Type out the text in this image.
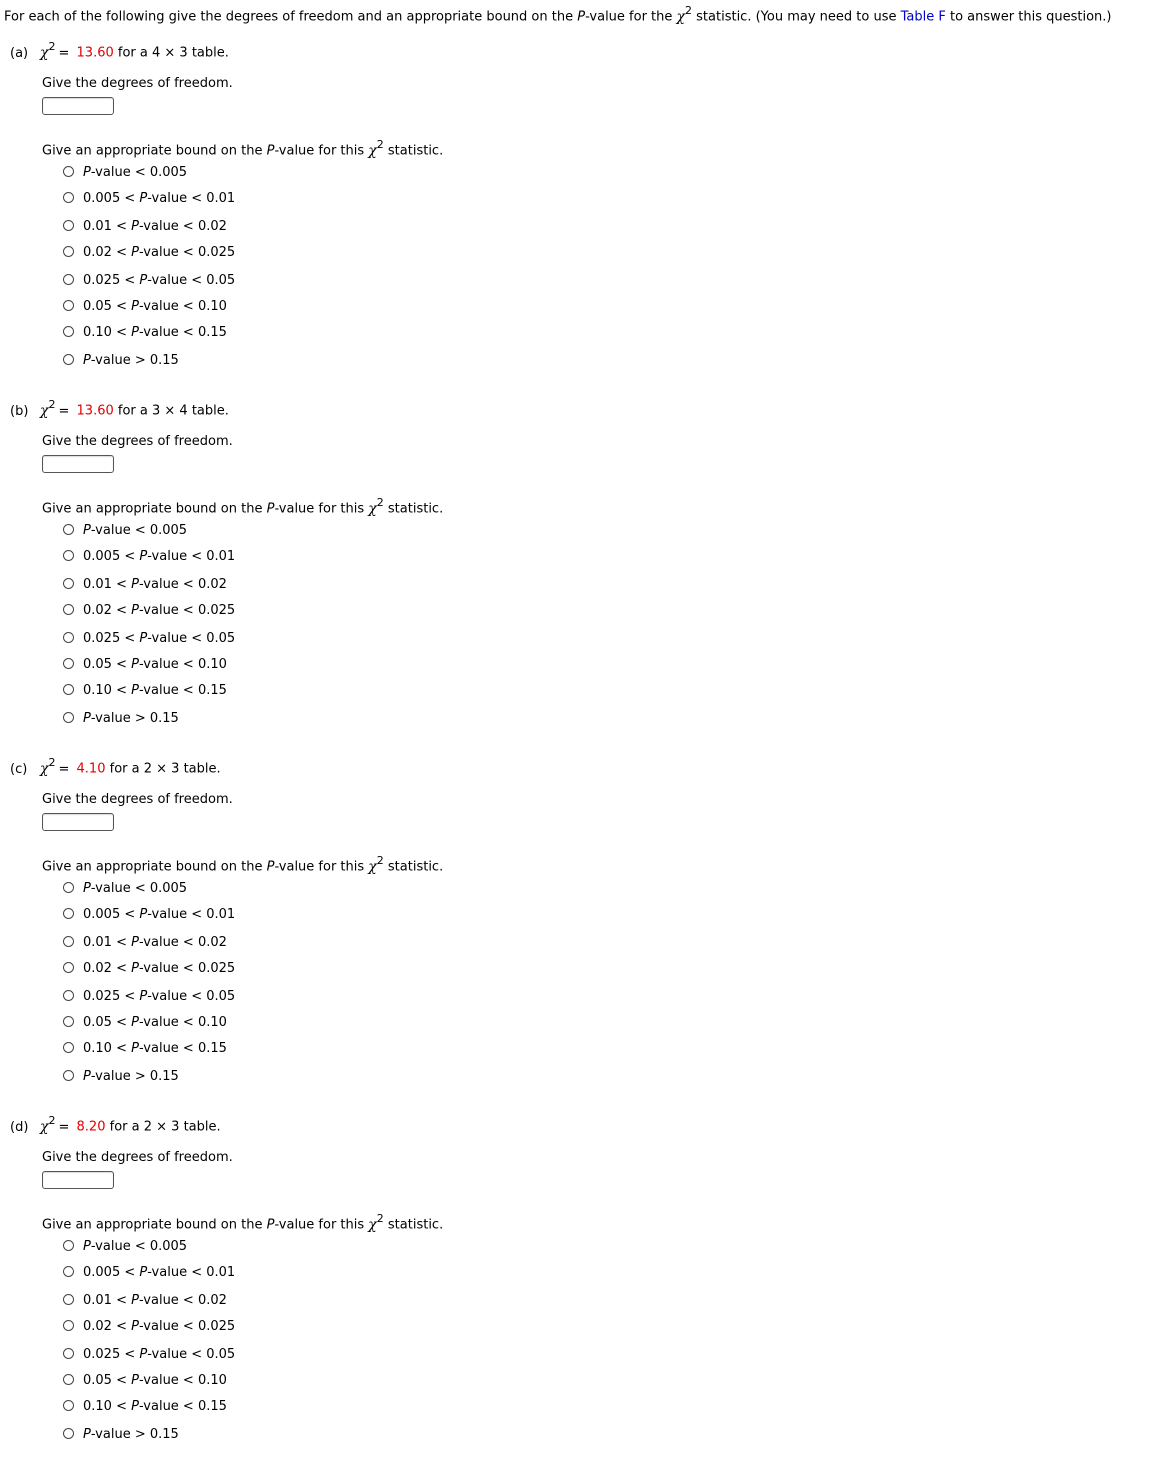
For each of the following give the degrees of freedom and an appropriate bound on the P-value for the $\chi^2$ statistic. (You may need to use Table F to answer this question.)
(a) $\chi^2 = 13.60$ for a 4 × 3 table.
Give the degrees of freedom.
Give an appropriate bound on the P-value for this $\chi^2$ statistic.
P-value < 0.005
0.005 < P-value < 0.01
0.01 < P-value < 0.02
0.02 < P-value < 0.025
0.025 < P-value < 0.05
0.05 < P-value < 0.10
0.10 < P-value < 0.15
P-value > 0.15
(b) $\chi^2 = 13.60$ for a 3 × 4 table.
Give the degrees of freedom.
Give an appropriate bound on the P-value for this $\chi^2$ statistic.
P-value < 0.005
0.005 < P-value < 0.01
0.01 < P-value < 0.02
0.02 < P-value < 0.025
0.025 < P-value < 0.05
0.05 < P-value < 0.10
0.10 < P-value < 0.15
P-value > 0.15
(c) $\chi^2 = 4.10$ for a 2 × 3 table.
Give the degrees of freedom.
Give an appropriate bound on the P-value for this $\chi^2$ statistic.
P-value < 0.005
0.005 < P-value < 0.01
0.01 < P-value < 0.02
0.02 < P-value < 0.025
0.025 < P-value < 0.05
0.05 < P-value < 0.10
0.10 < P-value < 0.15
P-value > 0.15
(d) $\chi^2 = 8.20$ for a 2 × 3 table.
Give the degrees of freedom.
Give an appropriate bound on the P-value for this $\chi^2$ statistic.
P-value < 0.005
0.005 < P-value < 0.01
0.01 < P-value < 0.02
0.02 < P-value < 0.025
0.025 < P-value < 0.05
0.05 < P-value < 0.10
0.10 < P-value < 0.15
P-value > 0.15
